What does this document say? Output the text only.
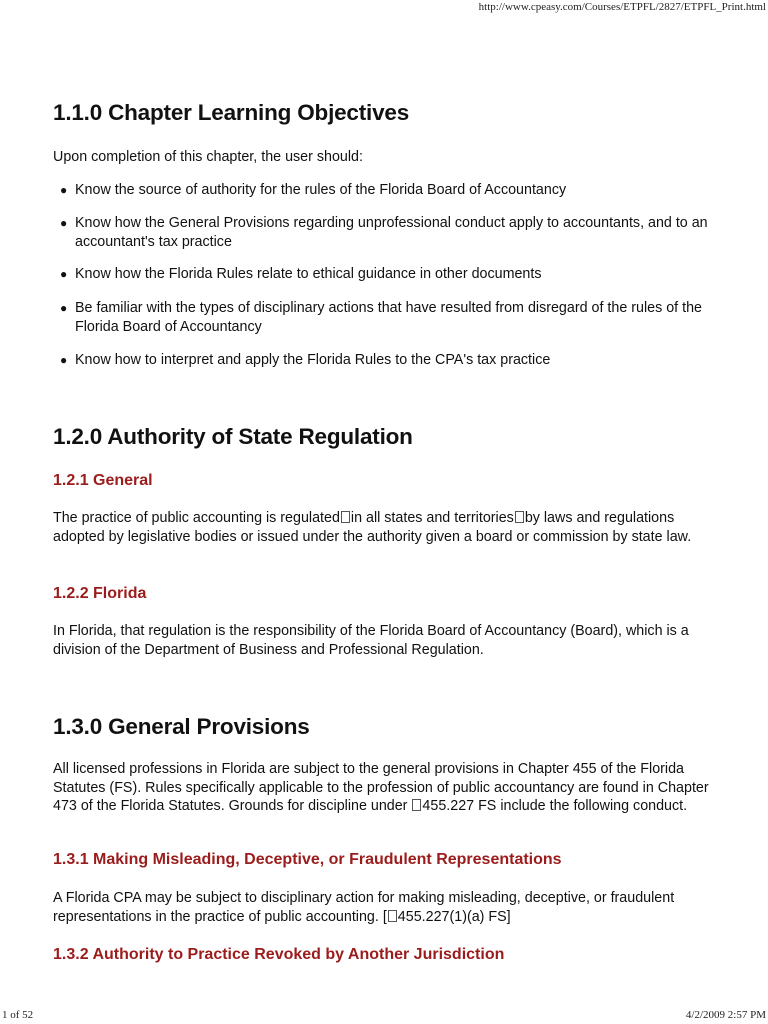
http://www.cpeasy.com/Courses/ETPFL/2827/ETPFL_Print.html
1.1.0 Chapter Learning Objectives

Upon completion of this chapter, the user should:

● Know the source of authority for the rules of the Florida Board of Accountancy
● Know how the General Provisions regarding unprofessional conduct apply to accountants, and to an accountant's tax practice
● Know how the Florida Rules relate to ethical guidance in other documents
● Be familiar with the types of disciplinary actions that have resulted from disregard of the rules of the Florida Board of Accountancy
● Know how to interpret and apply the Florida Rules to the CPA's tax practice
1.2.0 Authority of State Regulation
1.2.1 General

The practice of public accounting is regulated in all states and territories by laws and regulations adopted by legislative bodies or issued under the authority given a board or commission by state law.

1.2.2 Florida

In Florida, that regulation is the responsibility of the Florida Board of Accountancy (Board), which is a division of the Department of Business and Professional Regulation.

1.3.0 General Provisions

All licensed professions in Florida are subject to the general provisions in Chapter 455 of the Florida Statutes (FS). Rules specifically applicable to the profession of public accountancy are found in Chapter 473 of the Florida Statutes. Grounds for discipline under 455.227 FS include the following conduct.

1.3.1 Making Misleading, Deceptive, or Fraudulent Representations

A Florida CPA may be subject to disciplinary action for making misleading, deceptive, or fraudulent representations in the practice of public accounting. [ 455.227(1)(a) FS]

1.3.2 Authority to Practice Revoked by Another Jurisdiction
1 of 52	4/2/2009 2:57 PM
